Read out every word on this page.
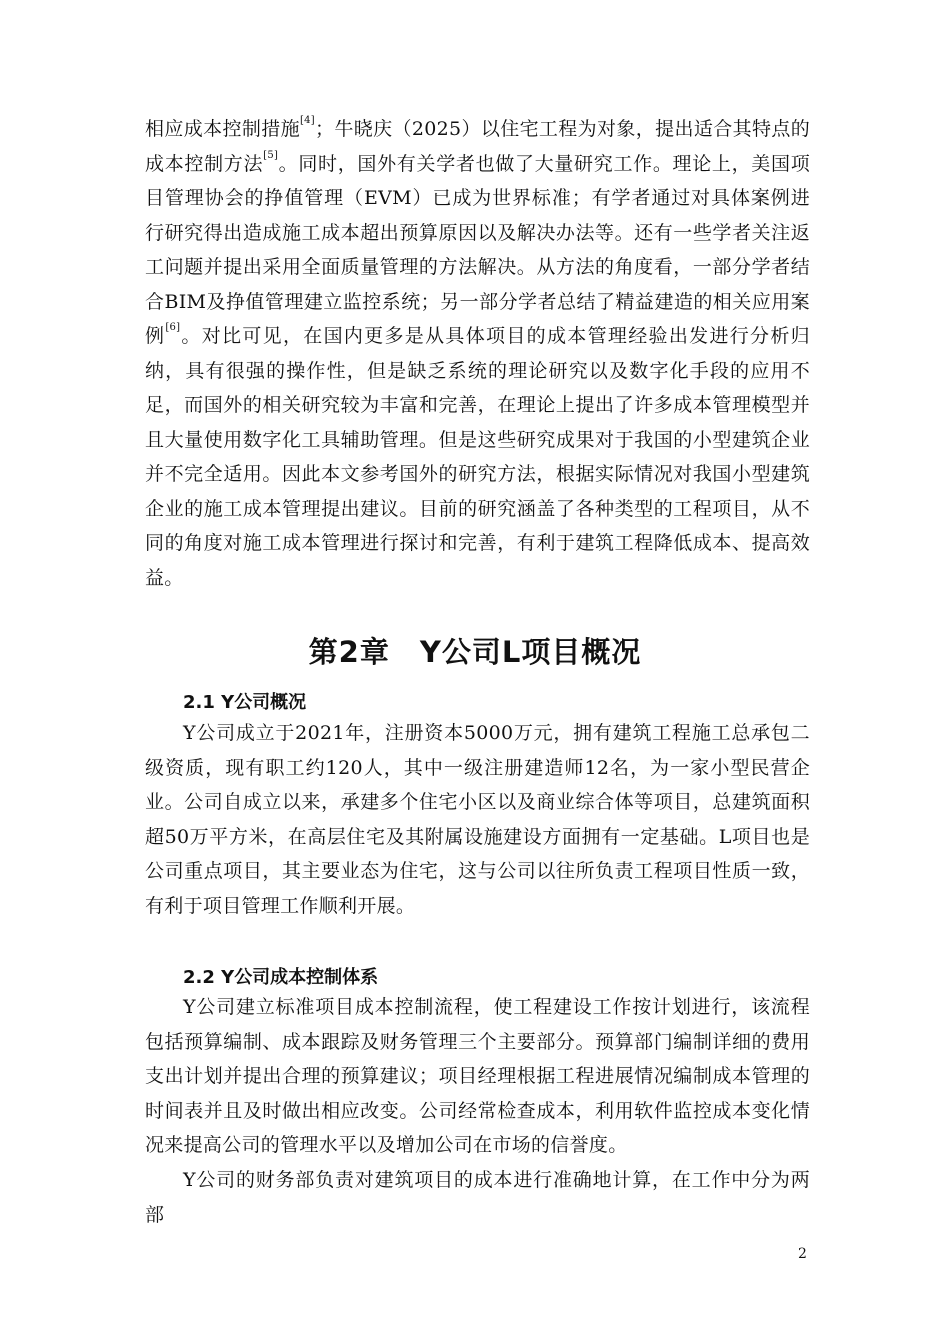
相应成本控制措施[4]；牛晓庆（2025）以住宅工程为对象，提出适合其特点的成本控制方法[5]。同时，国外有关学者也做了大量研究工作。理论上，美国项目管理协会的挣值管理（EVM）已成为世界标准；有学者通过对具体案例进行研究得出造成施工成本超出预算原因以及解决办法等。还有一些学者关注返工问题并提出采用全面质量管理的方法解决。从方法的角度看，一部分学者结合BIM及挣值管理建立监控系统；另一部分学者总结了精益建造的相关应用案例[6]。对比可见，在国内更多是从具体项目的成本管理经验出发进行分析归纳，具有很强的操作性，但是缺乏系统的理论研究以及数字化手段的应用不足，而国外的相关研究较为丰富和完善，在理论上提出了许多成本管理模型并且大量使用数字化工具辅助管理。但是这些研究成果对于我国的小型建筑企业并不完全适用。因此本文参考国外的研究方法，根据实际情况对我国小型建筑企业的施工成本管理提出建议。目前的研究涵盖了各种类型的工程项目，从不同的角度对施工成本管理进行探讨和完善，有利于建筑工程降低成本、提高效益。

第2章　Y公司L项目概况
2.1 Y公司概况

Y公司成立于2021年，注册资本5000万元，拥有建筑工程施工总承包二级资质，现有职工约120人，其中一级注册建造师12名，为一家小型民营企业。公司自成立以来，承建多个住宅小区以及商业综合体等项目，总建筑面积超50万平方米，在高层住宅及其附属设施建设方面拥有一定基础。L项目也是公司重点项目，其主要业态为住宅，这与公司以往所负责工程项目性质一致，有利于项目管理工作顺利开展。

2.2 Y公司成本控制体系

Y公司建立标准项目成本控制流程，使工程建设工作按计划进行，该流程包括预算编制、成本跟踪及财务管理三个主要部分。预算部门编制详细的费用支出计划并提出合理的预算建议；项目经理根据工程进展情况编制成本管理的时间表并且及时做出相应改变。公司经常检查成本，利用软件监控成本变化情况来提高公司的管理水平以及增加公司在市场的信誉度。

Y公司的财务部负责对建筑项目的成本进行准确地计算，在工作中分为两部

2
